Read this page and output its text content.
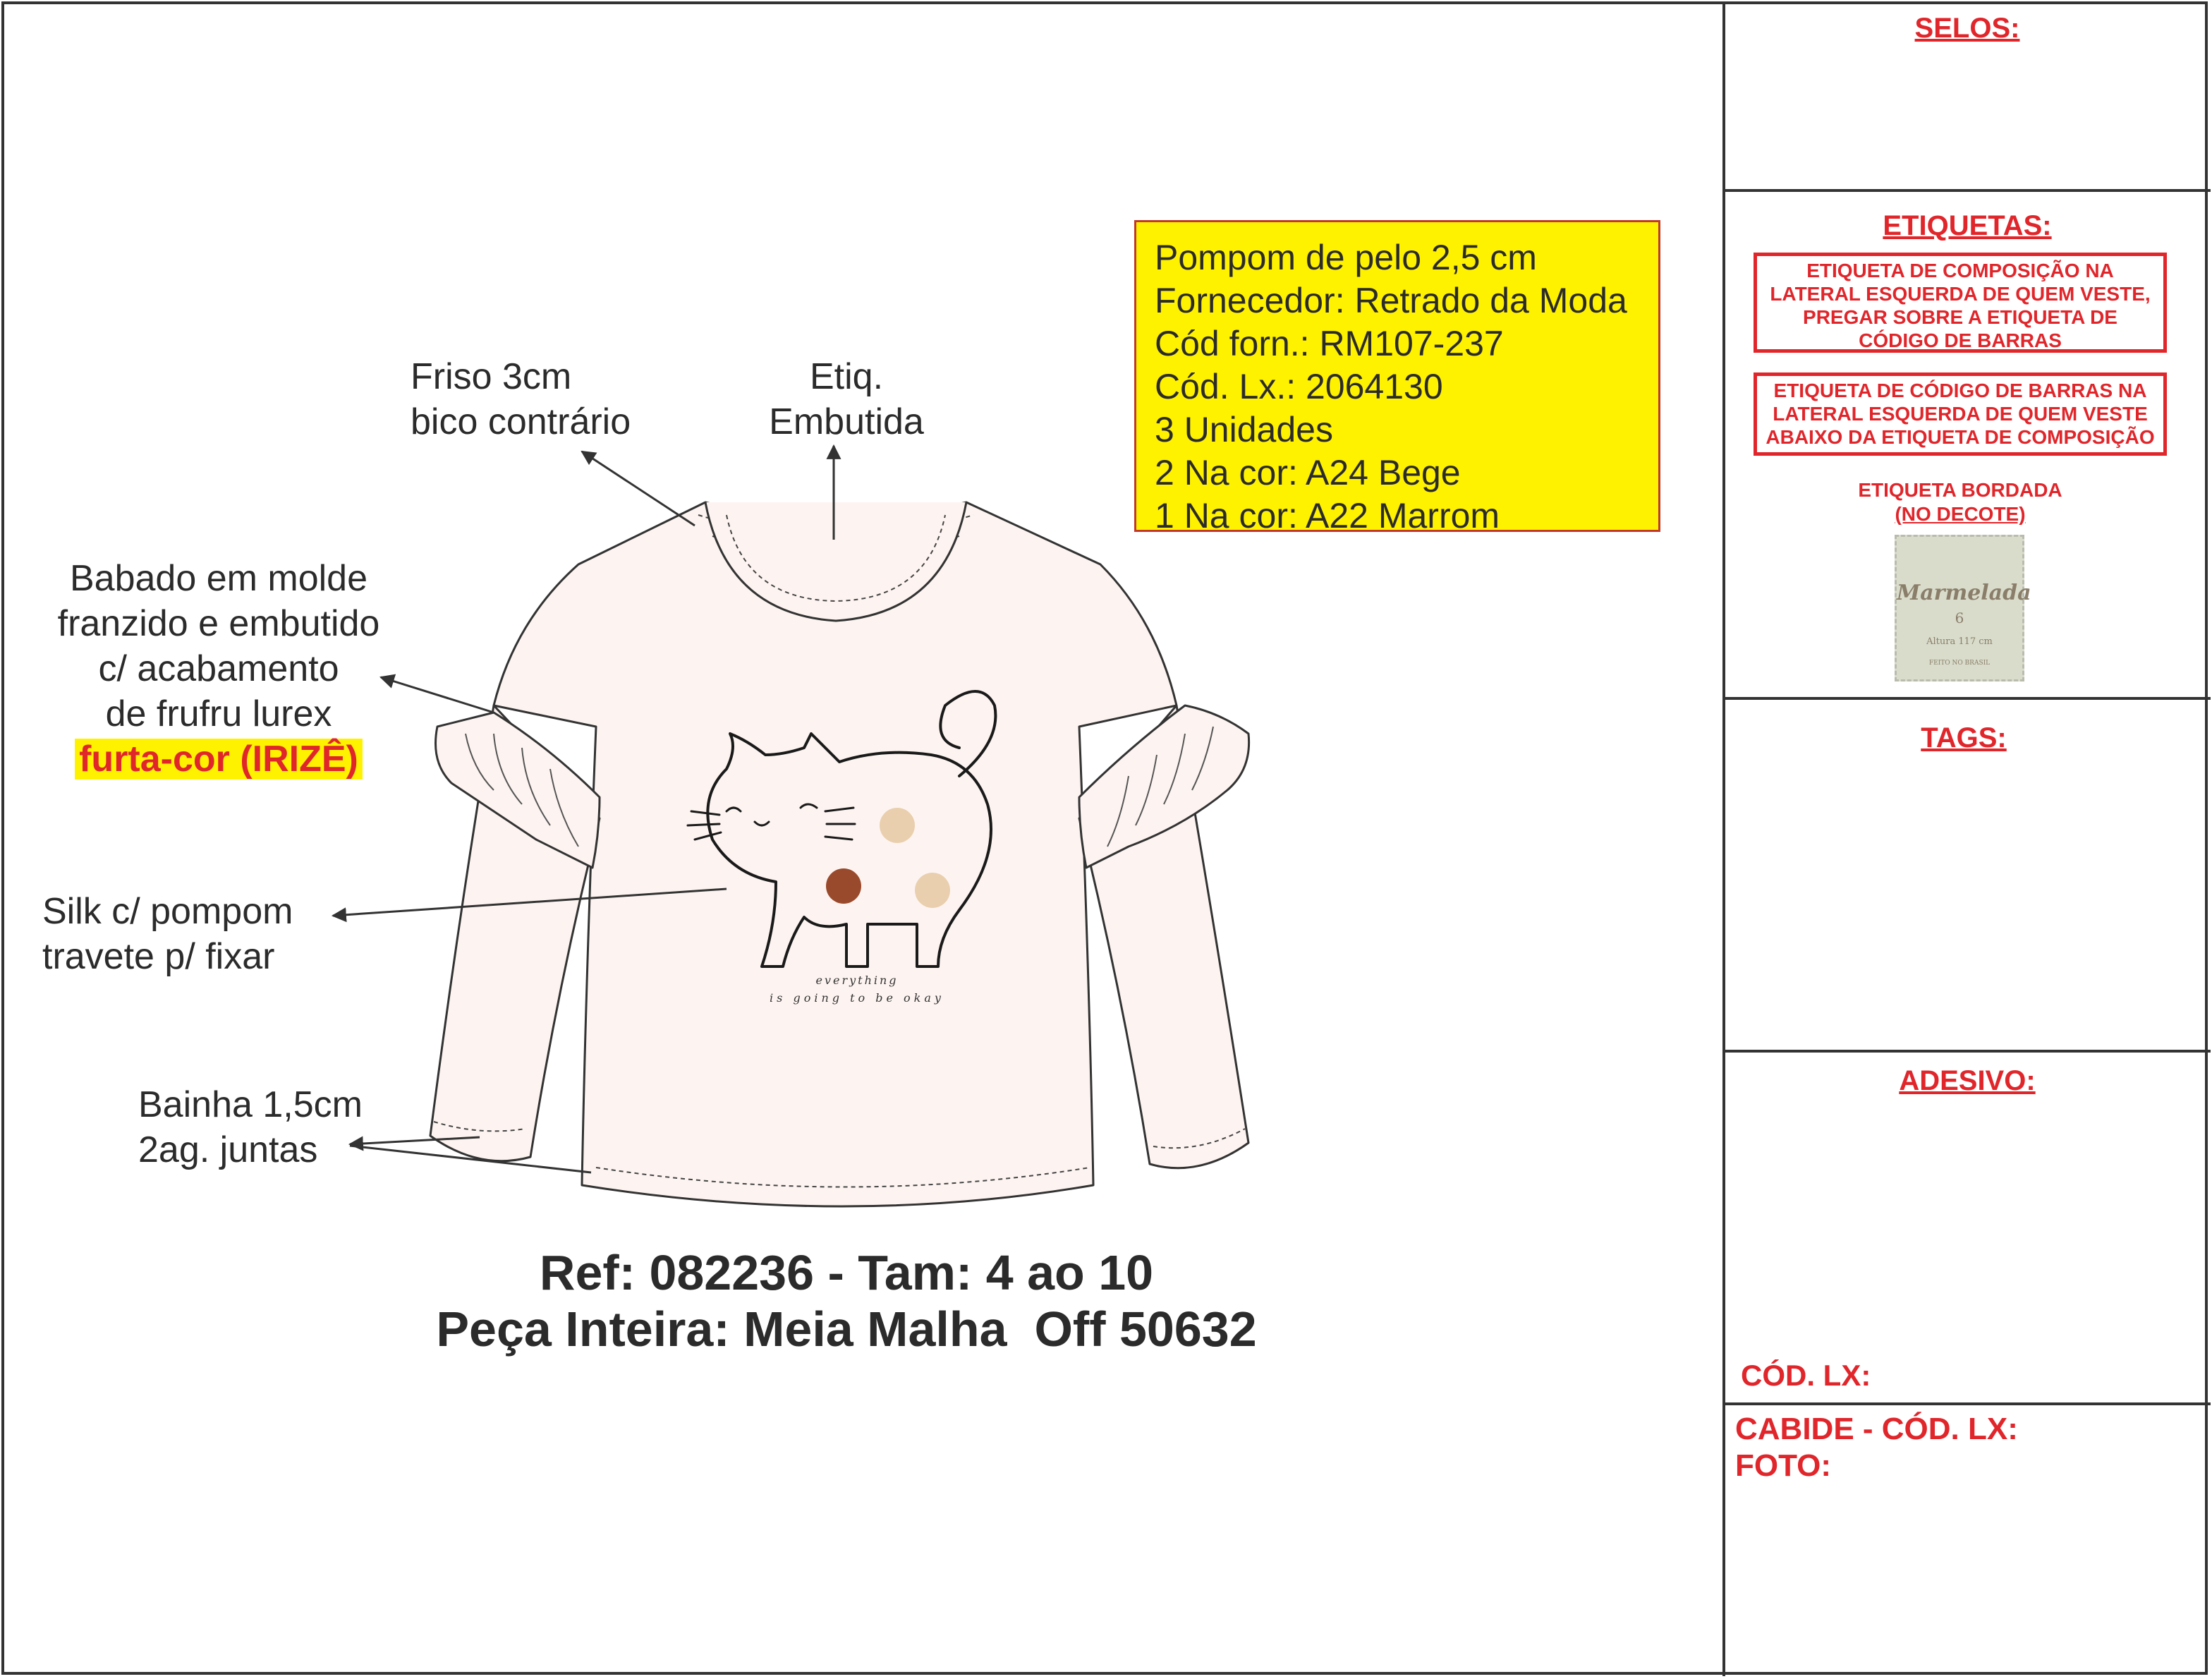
SELOS:
ETIQUETAS:
ETIQUETA DE COMPOSIÇÃO NA LATERAL ESQUERDA DE QUEM VESTE, PREGAR SOBRE A ETIQUETA DE CÓDIGO DE BARRAS
ETIQUETA DE CÓDIGO DE BARRAS NA LATERAL ESQUERDA DE QUEM VESTE ABAIXO DA ETIQUETA DE COMPOSIÇÃO
ETIQUETA BORDADA
(NO DECOTE)
Marmelada
6
Altura 117 cm
FEITO NO BRASIL
TAGS:
ADESIVO:
CÓD. LX:
CABIDE - CÓD. LX:
FOTO:
Pompom de pelo 2,5 cm
Fornecedor: Retrado da Moda
Cód forn.: RM107-237
Cód. Lx.: 2064130
3 Unidades
2 Na cor: A24 Bege
1 Na cor: A22 Marrom
everything
is going to be okay
Friso 3cm
bico contrário
Etiq.
Embutida
Babado em molde
franzido e embutido
c/ acabamento
de frufru lurex
furta-cor (IRIZÊ)
Silk c/ pompom
travete p/ fixar
Bainha 1,5cm
2ag. juntas
Ref: 082236 - Tam: 4 ao 10
Peça Inteira: Meia Malha  Off 50632
